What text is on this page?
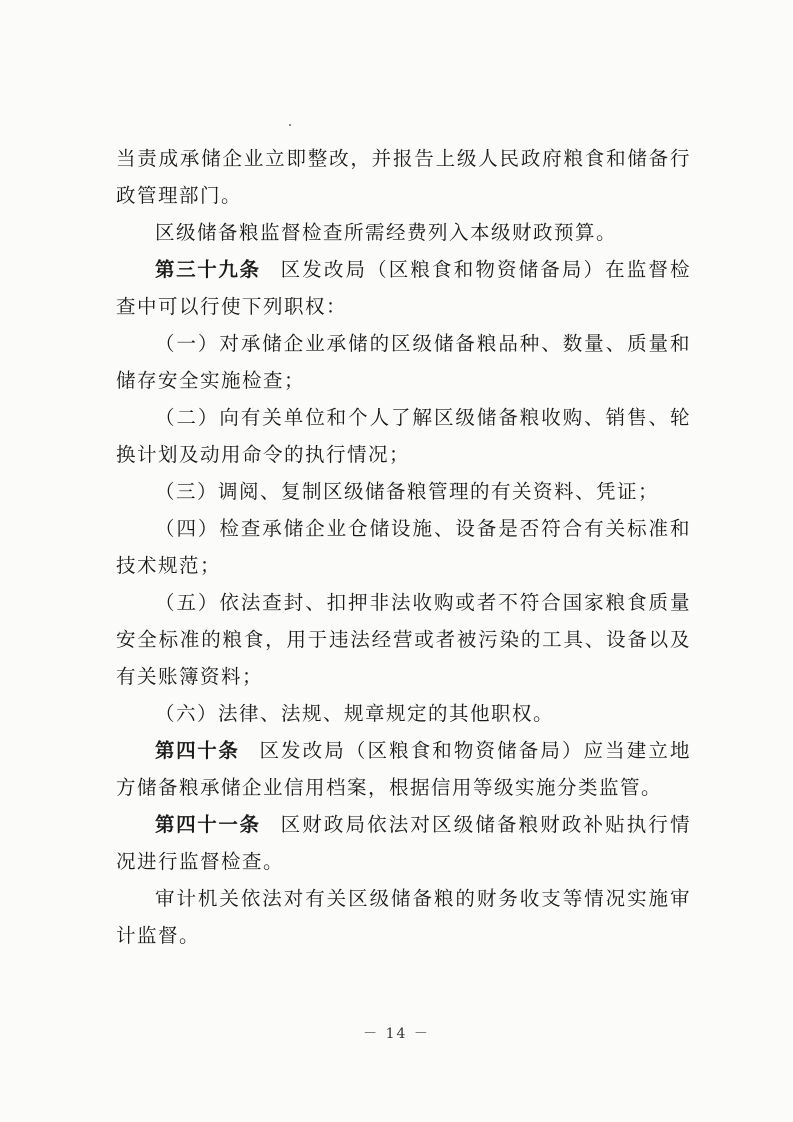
当责成承储企业立即整改，并报告上级人民政府粮食和储备行政管理部门。

区级储备粮监督检查所需经费列入本级财政预算。

第三十九条 区发改局（区粮食和物资储备局）在监督检查中可以行使下列职权：

（一）对承储企业承储的区级储备粮品种、数量、质量和储存安全实施检查；

（二）向有关单位和个人了解区级储备粮收购、销售、轮换计划及动用命令的执行情况；

（三）调阅、复制区级储备粮管理的有关资料、凭证；

（四）检查承储企业仓储设施、设备是否符合有关标准和技术规范；

（五）依法查封、扣押非法收购或者不符合国家粮食质量安全标准的粮食，用于违法经营或者被污染的工具、设备以及有关账簿资料；

（六）法律、法规、规章规定的其他职权。

第四十条 区发改局（区粮食和物资储备局）应当建立地方储备粮承储企业信用档案，根据信用等级实施分类监管。

第四十一条 区财政局依法对区级储备粮财政补贴执行情况进行监督检查。

审计机关依法对有关区级储备粮的财务收支等情况实施审计监督。

－ 14 －
